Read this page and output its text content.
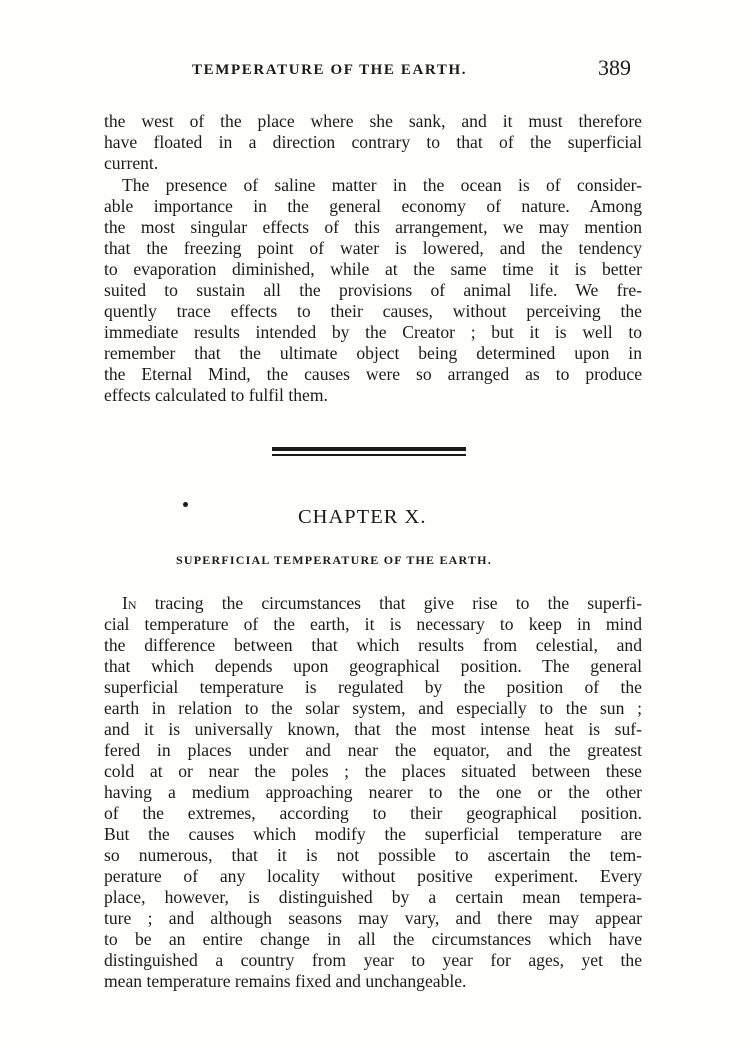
TEMPERATURE OF THE EARTH.	389
the west of the place where she sank, and it must therefore
have floated in a direction contrary to that of the superficial
current.
The presence of saline matter in the ocean is of consider-
able importance in the general economy of nature. Among
the most singular effects of this arrangement, we may mention
that the freezing point of water is lowered, and the tendency
to evaporation diminished, while at the same time it is better
suited to sustain all the provisions of animal life. We fre-
quently trace effects to their causes, without perceiving the
immediate results intended by the Creator ; but it is well to
remember that the ultimate object being determined upon in
the Eternal Mind, the causes were so arranged as to produce
effects calculated to fulfil them.
CHAPTER X.
SUPERFICIAL TEMPERATURE OF THE EARTH.
In tracing the circumstances that give rise to the superfi-
cial temperature of the earth, it is necessary to keep in mind
the difference between that which results from celestial, and
that which depends upon geographical position. The general
superficial temperature is regulated by the position of the
earth in relation to the solar system, and especially to the sun ;
and it is universally known, that the most intense heat is suf-
fered in places under and near the equator, and the greatest
cold at or near the poles ; the places situated between these
having a medium approaching nearer to the one or the other
of the extremes, according to their geographical position.
But the causes which modify the superficial temperature are
so numerous, that it is not possible to ascertain the tem-
perature of any locality without positive experiment. Every
place, however, is distinguished by a certain mean tempera-
ture ; and although seasons may vary, and there may appear
to be an entire change in all the circumstances which have
distinguished a country from year to year for ages, yet the
mean temperature remains fixed and unchangeable.
